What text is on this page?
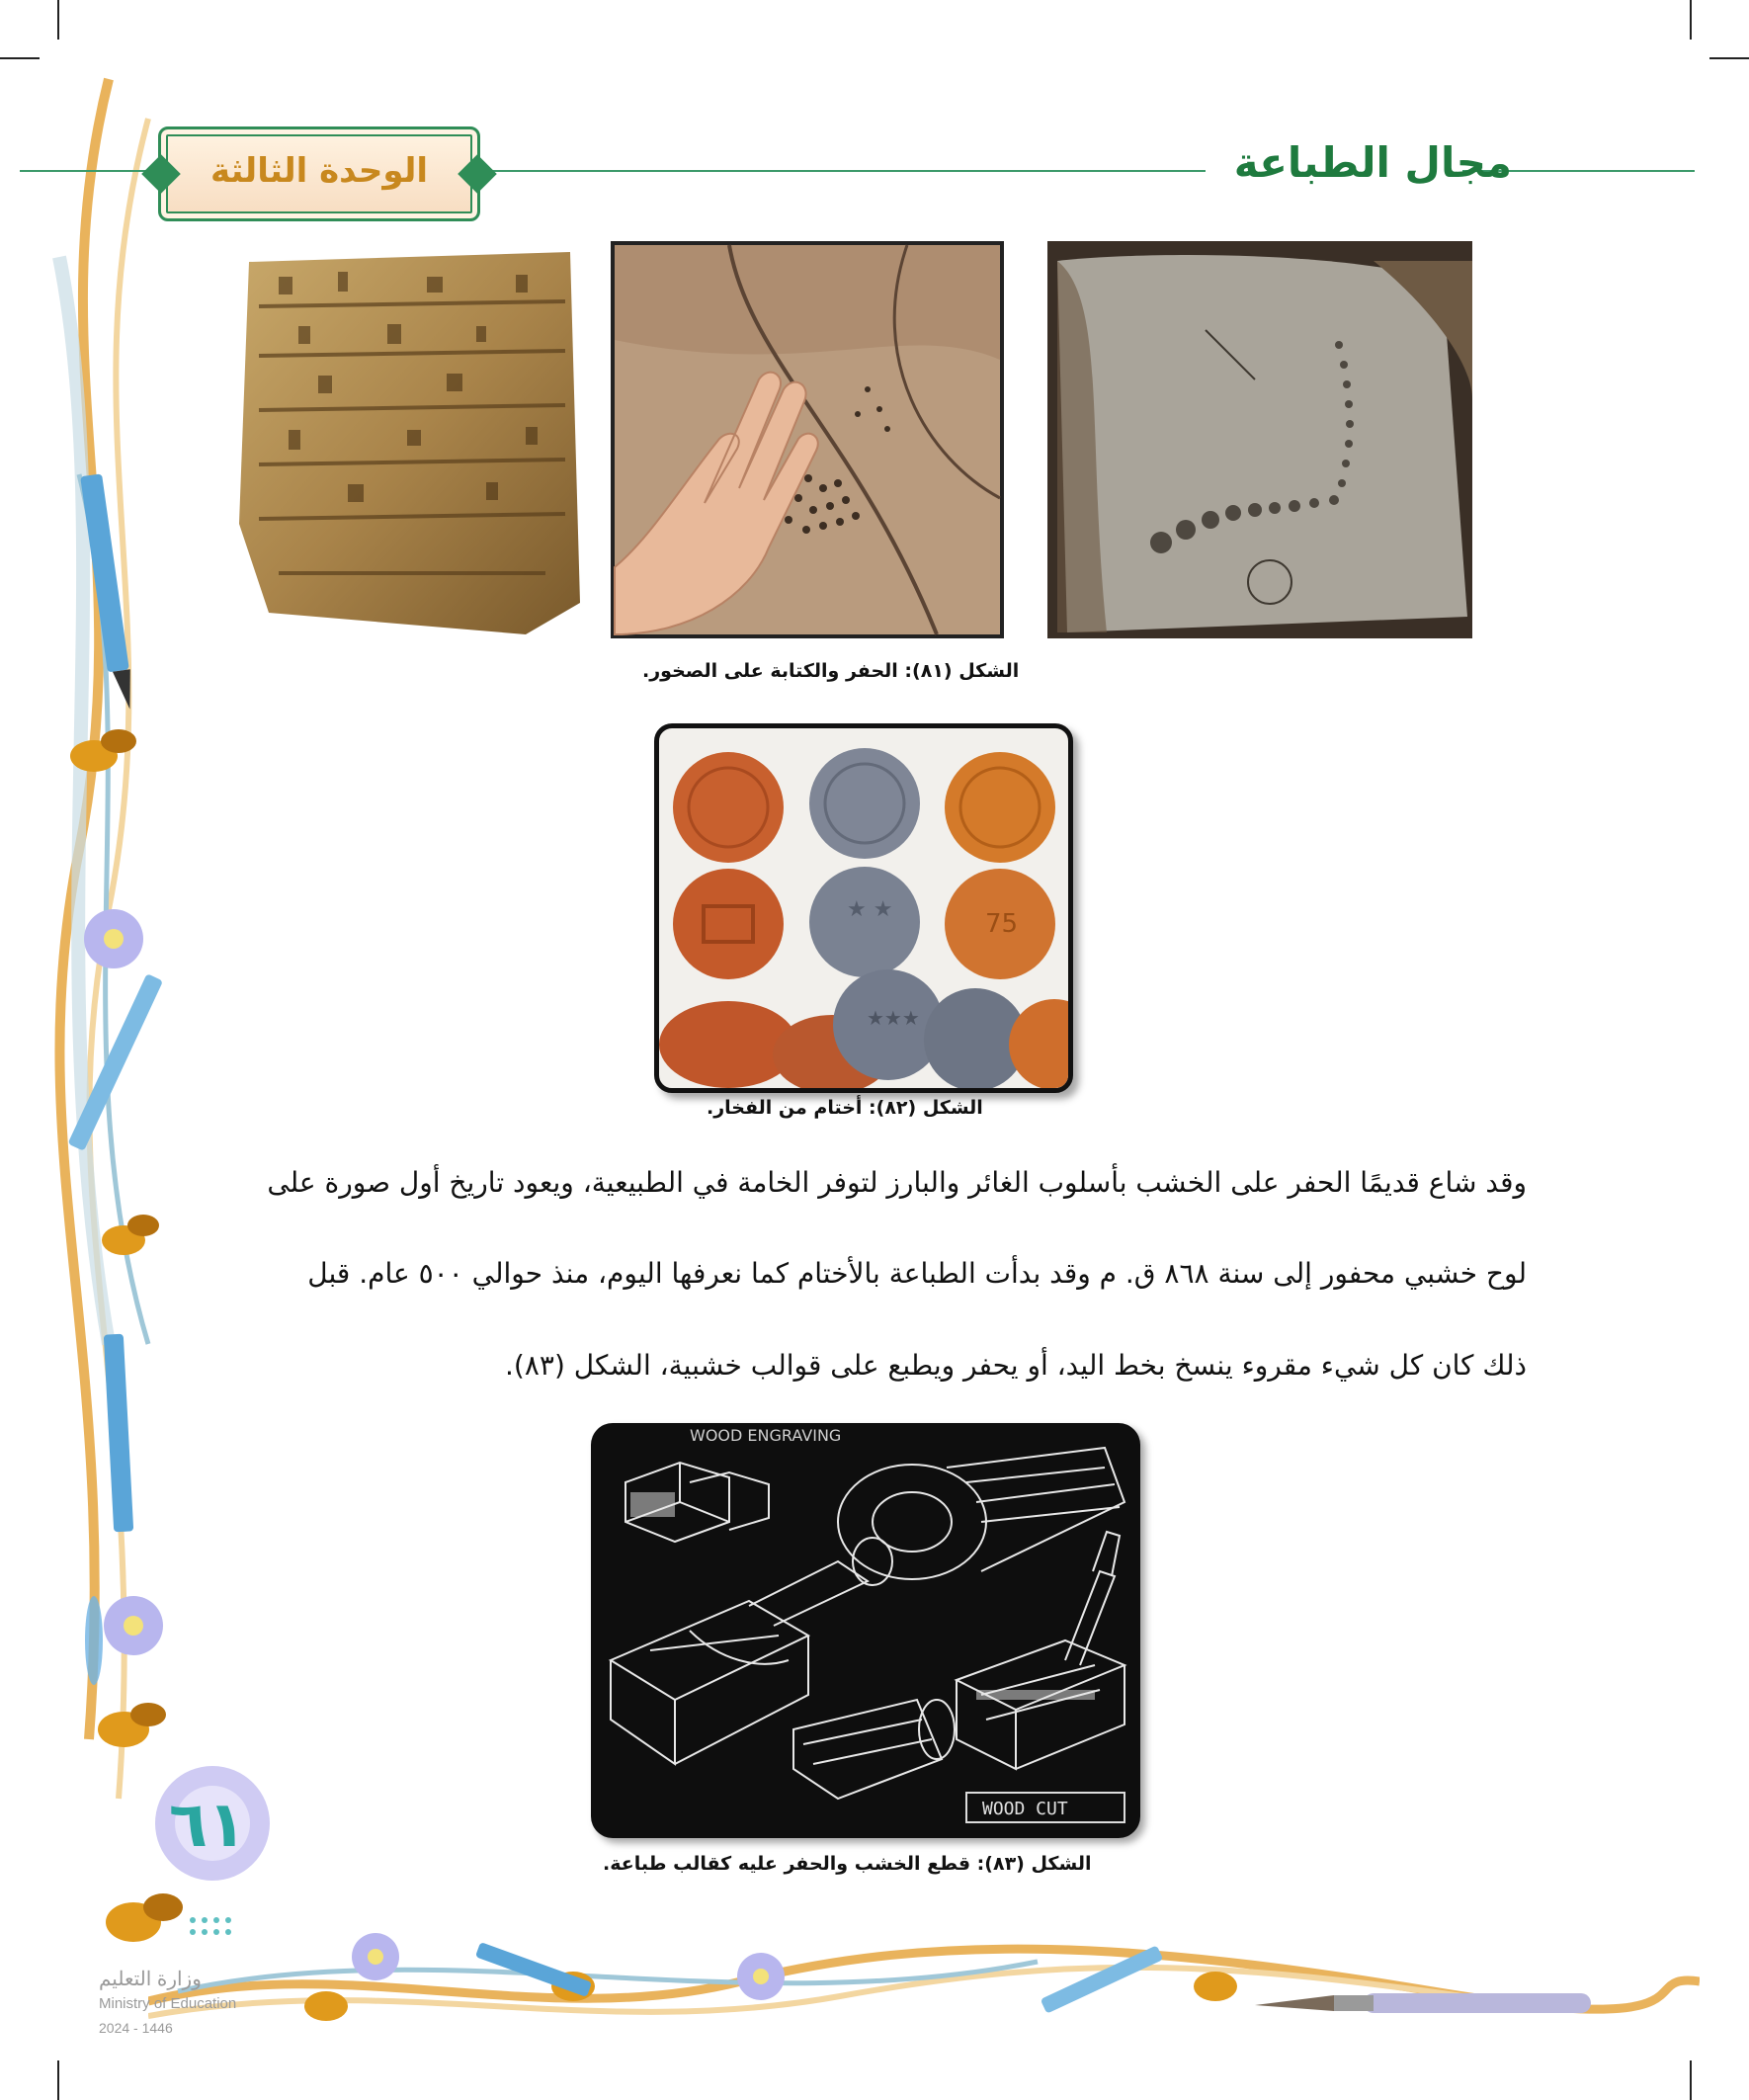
الوحدة الثالثة	مجال الطباعة
الشكل (٨١): الحفر والكتابة على الصخور.
★ ★	75
★★★
الشكل (٨٢): أختام من الفخار.
وقد شاع قديمًا الحفر على الخشب بأسلوب الغائر والبارز لتوفر الخامة في الطبيعية، ويعود تاريخ أول صورة على
لوح خشبي محفور إلى سنة ٨٦٨ ق. م وقد بدأت الطباعة بالأختام كما نعرفها اليوم، منذ حوالي ٥٠٠ عام. قبل
ذلك كان كل شيء مقروء ينسخ بخط اليد، أو يحفر ويطبع على قوالب خشبية، الشكل (٨٣).
WOOD ENGRAVING
WOOD CUT
الشكل (٨٣): قطع الخشب والحفر عليه كقالب طباعة.
٦١
وزارة التعليم
Ministry of Education
2024 - 1446
